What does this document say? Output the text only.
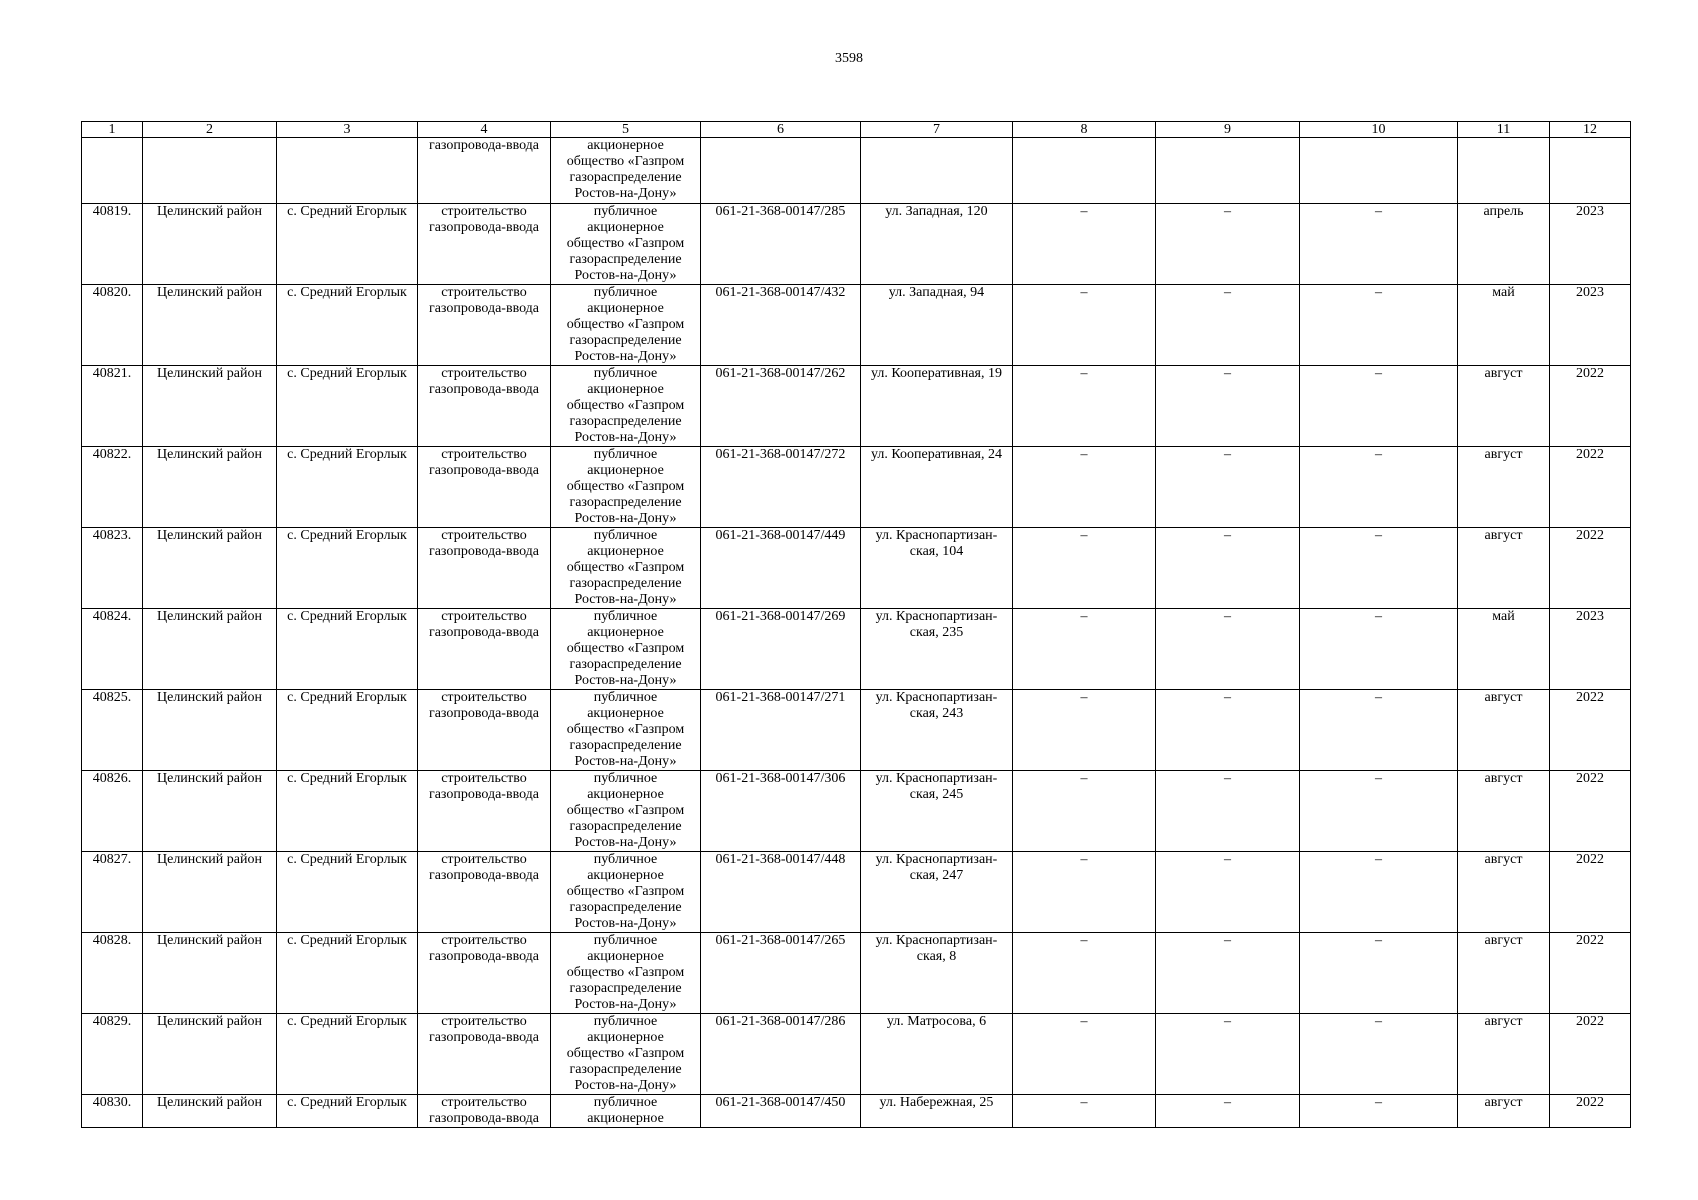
3598
1	2	3	4	5	6	7	8	9	10	11	12
			газопровода-ввода	акционерное
общество «Газпром
газораспределение
Ростов-на-Дону»							
40819.	Целинский район	с. Средний Егорлык	строительство
газопровода-ввода	публичное
акционерное
общество «Газпром
газораспределение
Ростов-на-Дону»	061-21-368-00147/285	ул. Западная, 120	–	–	–	апрель	2023
40820.	Целинский район	с. Средний Егорлык	строительство
газопровода-ввода	публичное
акционерное
общество «Газпром
газораспределение
Ростов-на-Дону»	061-21-368-00147/432	ул. Западная, 94	–	–	–	май	2023
40821.	Целинский район	с. Средний Егорлык	строительство
газопровода-ввода	публичное
акционерное
общество «Газпром
газораспределение
Ростов-на-Дону»	061-21-368-00147/262	ул. Кооперативная, 19	–	–	–	август	2022
40822.	Целинский район	с. Средний Егорлык	строительство
газопровода-ввода	публичное
акционерное
общество «Газпром
газораспределение
Ростов-на-Дону»	061-21-368-00147/272	ул. Кооперативная, 24	–	–	–	август	2022
40823.	Целинский район	с. Средний Егорлык	строительство
газопровода-ввода	публичное
акционерное
общество «Газпром
газораспределение
Ростов-на-Дону»	061-21-368-00147/449	ул. Краснопартизан-
ская, 104	–	–	–	август	2022
40824.	Целинский район	с. Средний Егорлык	строительство
газопровода-ввода	публичное
акционерное
общество «Газпром
газораспределение
Ростов-на-Дону»	061-21-368-00147/269	ул. Краснопартизан-
ская, 235	–	–	–	май	2023
40825.	Целинский район	с. Средний Егорлык	строительство
газопровода-ввода	публичное
акционерное
общество «Газпром
газораспределение
Ростов-на-Дону»	061-21-368-00147/271	ул. Краснопартизан-
ская, 243	–	–	–	август	2022
40826.	Целинский район	с. Средний Егорлык	строительство
газопровода-ввода	публичное
акционерное
общество «Газпром
газораспределение
Ростов-на-Дону»	061-21-368-00147/306	ул. Краснопартизан-
ская, 245	–	–	–	август	2022
40827.	Целинский район	с. Средний Егорлык	строительство
газопровода-ввода	публичное
акционерное
общество «Газпром
газораспределение
Ростов-на-Дону»	061-21-368-00147/448	ул. Краснопартизан-
ская, 247	–	–	–	август	2022
40828.	Целинский район	с. Средний Егорлык	строительство
газопровода-ввода	публичное
акционерное
общество «Газпром
газораспределение
Ростов-на-Дону»	061-21-368-00147/265	ул. Краснопартизан-
ская, 8	–	–	–	август	2022
40829.	Целинский район	с. Средний Егорлык	строительство
газопровода-ввода	публичное
акционерное
общество «Газпром
газораспределение
Ростов-на-Дону»	061-21-368-00147/286	ул. Матросова, 6	–	–	–	август	2022
40830.	Целинский район	с. Средний Егорлык	строительство
газопровода-ввода	публичное
акционерное	061-21-368-00147/450	ул. Набережная, 25	–	–	–	август	2022
